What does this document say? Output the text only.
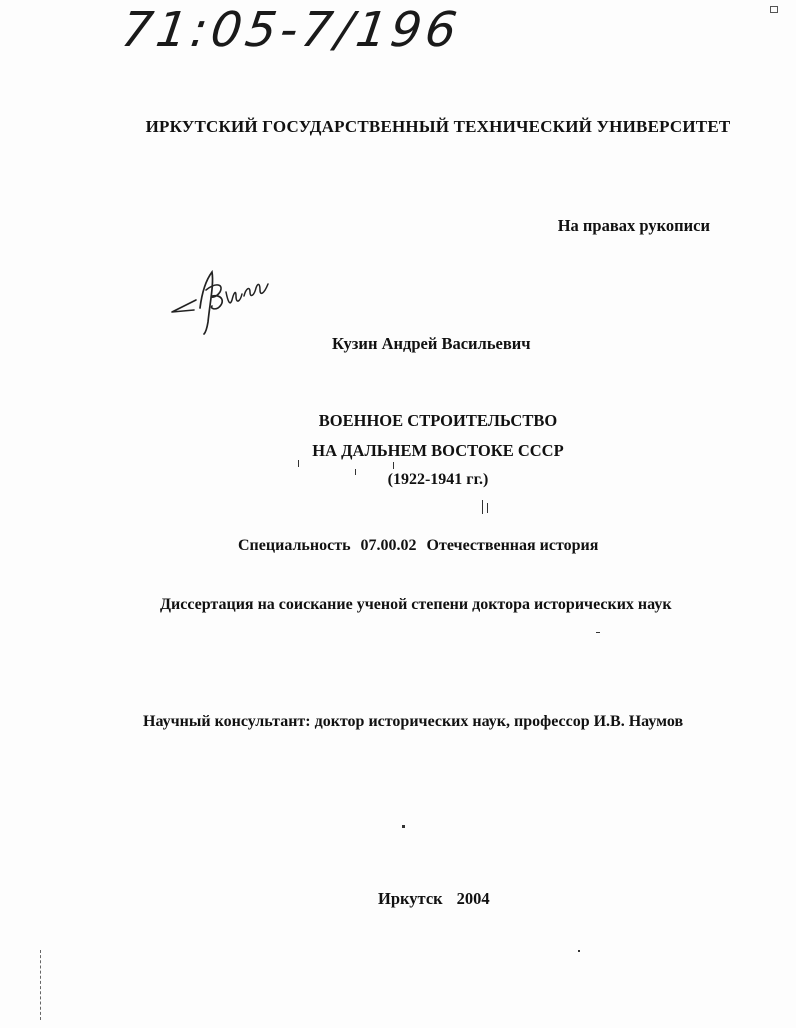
71:05-7/196
ИРКУТСКИЙ ГОСУДАРСТВЕННЫЙ ТЕХНИЧЕСКИЙ УНИВЕРСИТЕТ
На правах рукописи
Кузин Андрей Васильевич
ВОЕННОЕ СТРОИТЕЛЬСТВО
НА ДАЛЬНЕМ ВОСТОКЕ СССР
(1922-1941 гг.)
Специальность 07.00.02 Отечественная история
Диссертация на соискание ученой степени доктора исторических наук
Научный консультант: доктор исторических наук, профессор И.В. Наумов
Иркутск 2004
